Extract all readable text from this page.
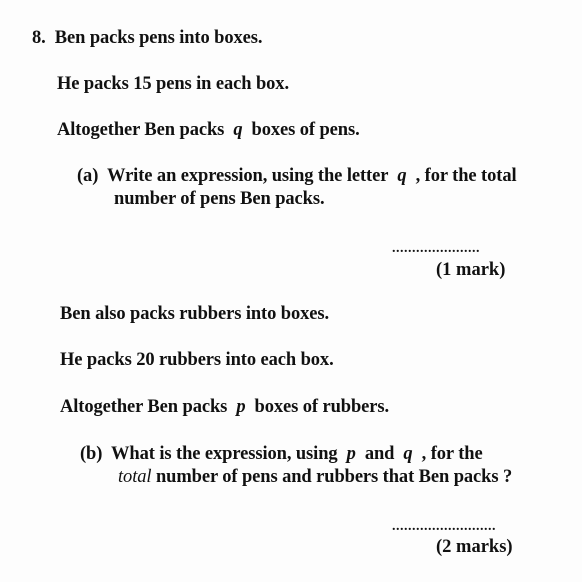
8. Ben packs pens into boxes.
He packs 15 pens in each box.
Altogether Ben packs q boxes of pens.
(a) Write an expression, using the letter q , for the total
number of pens Ben packs.
......................
(1 mark)
Ben also packs rubbers into boxes.
He packs 20 rubbers into each box.
Altogether Ben packs p boxes of rubbers.
(b) What is the expression, using p and q , for the
total number of pens and rubbers that Ben packs ?
..........................
(2 marks)
